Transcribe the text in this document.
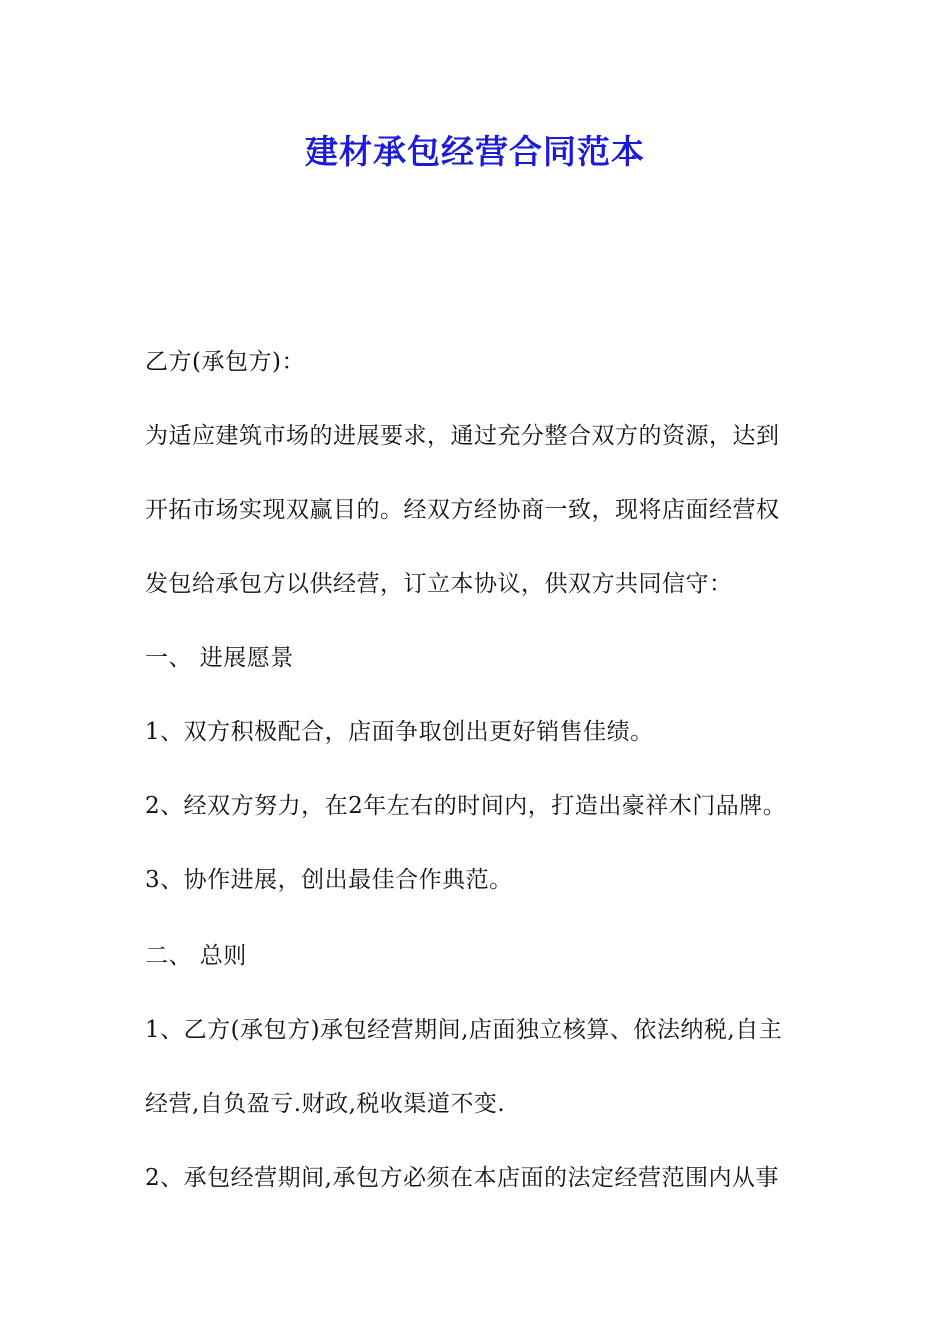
建材承包经营合同范本
乙方(承包方)：
为适应建筑市场的进展要求，通过充分整合双方的资源，达到
开拓市场实现双赢目的。经双方经协商一致，现将店面经营权
发包给承包方以供经营，订立本协议，供双方共同信守：
一、 进展愿景
1、双方积极配合，店面争取创出更好销售佳绩。
2、经双方努力，在2年左右的时间内，打造出豪祥木门品牌。
3、协作进展，创出最佳合作典范。
二、 总则
1、乙方(承包方)承包经营期间,店面独立核算、依法纳税,自主
经营,自负盈亏.财政,税收渠道不变.
2、承包经营期间,承包方必须在本店面的法定经营范围内从事
